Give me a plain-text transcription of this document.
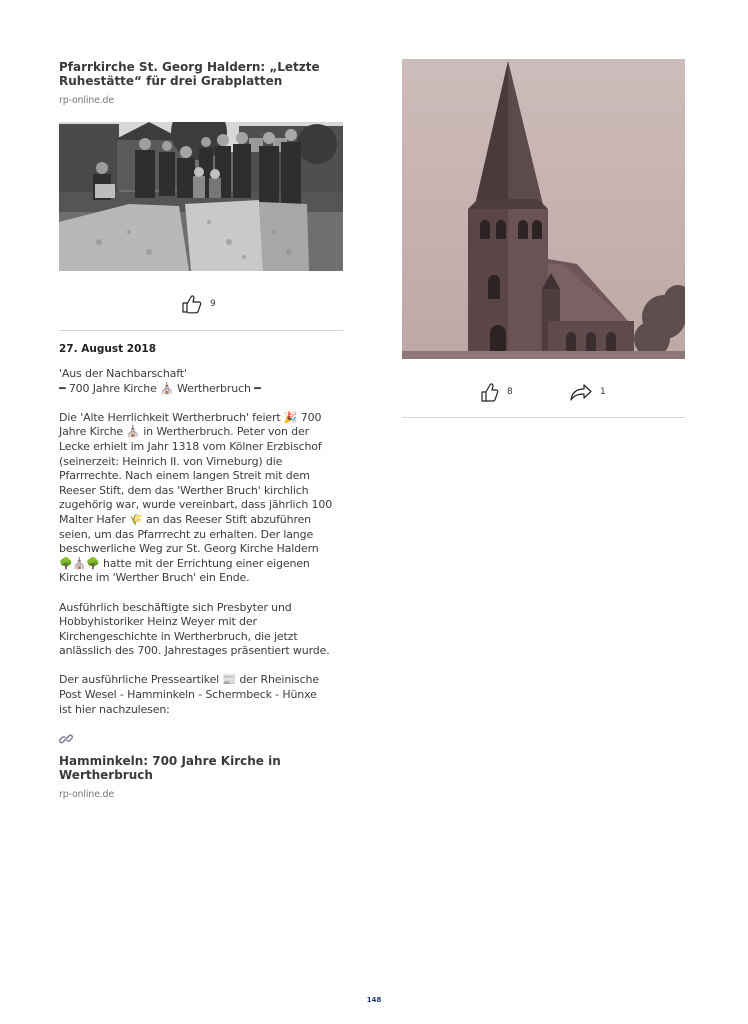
Pfarrkirche St. Georg Haldern: „Letzte Ruhestätte“ für drei Grabplatten
rp-online.de
9
27. August 2018

'Aus der Nachbarschaft'
━ 700 Jahre Kirche ⛪ Wertherbruch ━

Die 'Alte Herrlichkeit Wertherbruch' feiert 🎉 700
Jahre Kirche ⛪ in Wertherbruch. Peter von der
Lecke erhielt im Jahr 1318 vom Kölner Erzbischof
(seinerzeit: Heinrich II. von Virneburg) die
Pfarrrechte. Nach einem langen Streit mit dem
Reeser Stift, dem das 'Werther Bruch' kirchlich
zugehörig war, wurde vereinbart, dass jährlich 100
Malter Hafer 🌾 an das Reeser Stift abzuführen
seien, um das Pfarrrecht zu erhalten. Der lange
beschwerliche Weg zur St. Georg Kirche Haldern
🌳⛪🌳 hatte mit der Errichtung einer eigenen
Kirche im 'Werther Bruch' ein Ende.

Ausführlich beschäftigte sich Presbyter und
Hobbyhistoriker Heinz Weyer mit der
Kirchengeschichte in Wertherbruch, die jetzt
anlässlich des 700. Jahrestages präsentiert wurde.

Der ausführliche Presseartikel 📰 der Rheinische
Post Wesel - Hamminkeln - Schermbeck - Hünxe
ist hier nachzulesen:

Hamminkeln: 700 Jahre Kirche in Wertherbruch
rp-online.de
8	1
148
